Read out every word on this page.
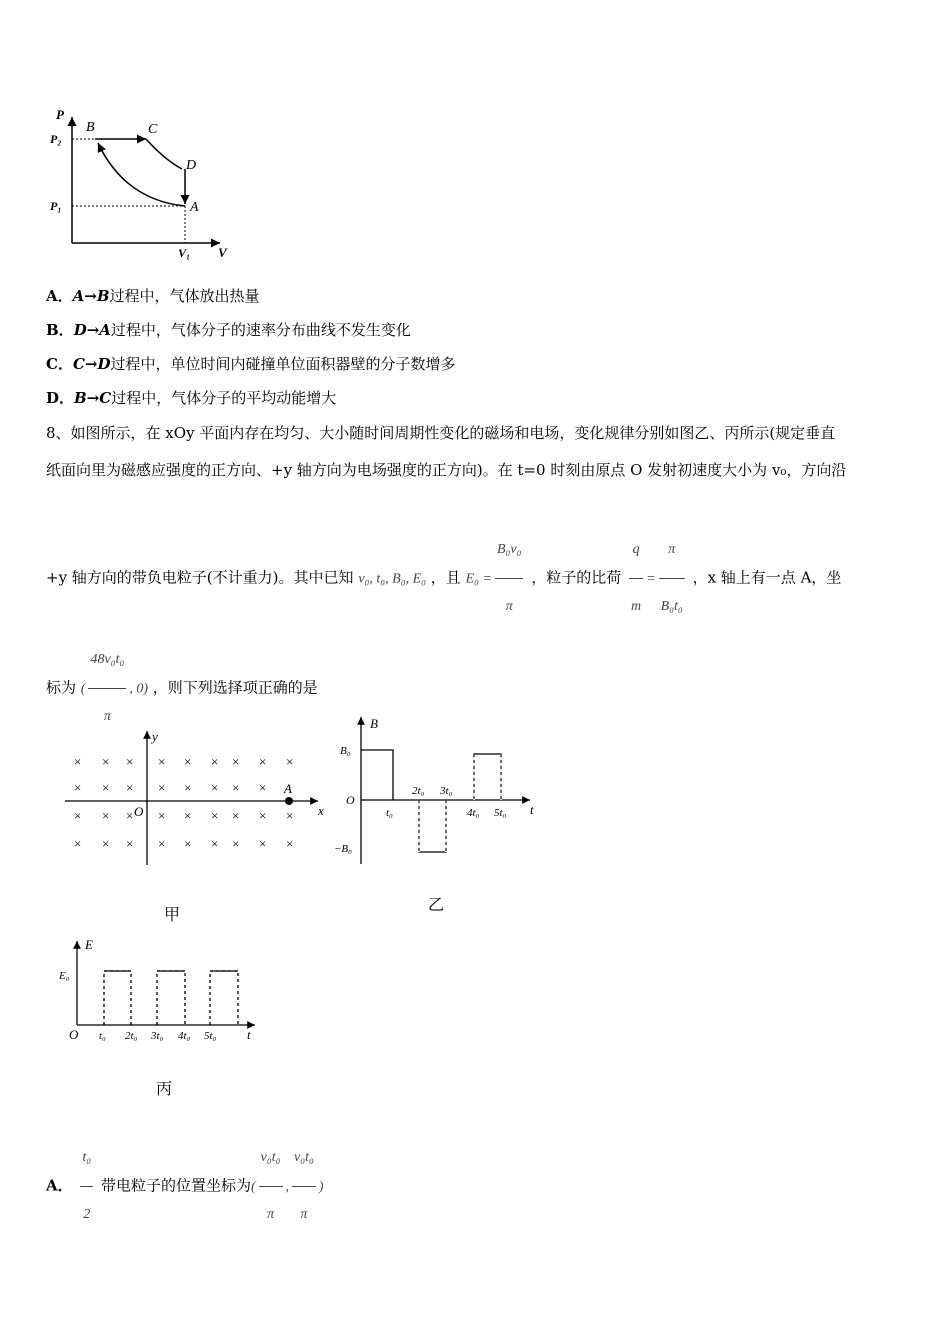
P
V
P₂
P₁
V₁
B	C
D
A
A．A→B过程中，气体放出热量
B．D→A过程中，气体分子的速率分布曲线不发生变化
C．C→D过程中，单位时间内碰撞单位面积器壁的分子数增多
D．B→C过程中，气体分子的平均动能增大
8、如图所示，在 xOy 平面内存在均匀、大小随时间周期性变化的磁场和电场，变化规律分别如图乙、丙所示(规定垂直
纸面向里为磁感应强度的正方向、+y 轴方向为电场强度的正方向)。在 t=0 时刻由原点 O 发射初速度大小为 v₀，方向沿
+y 轴方向的带负电粒子(不计重力)。其中已知 v₀, t₀, B₀, E₀ ，且 $E_0 = \frac{\text{B₀v₀}}{\pi}$ ，粒子的比荷 $\frac{q}{m} = \frac{\pi}{\text{B₀t₀}}$ ，x 轴上有一点 A，坐
标为 ( $\frac{\text{48v₀t₀}}{\pi}$ , 0) ，则下列选择项正确的是
× × × × × × × × ×
× × × × × × × ×
× × × × × × × × ×
× × × × × × × × ×
x
y
O
A
甲
B
t
O
B₀
−B₀
t₀
2t₀ 3t₀
4t₀ 5t₀
乙
E
t
O
E₀
t₀ 2t₀ 3t₀ 4t₀ 5t₀
丙
A． $\frac{\text{t₀}}{2}$ 带电粒子的位置坐标为( $\frac{\text{v₀t₀}}{\pi}$ , $\frac{\text{v₀t₀}}{\pi}$ )
